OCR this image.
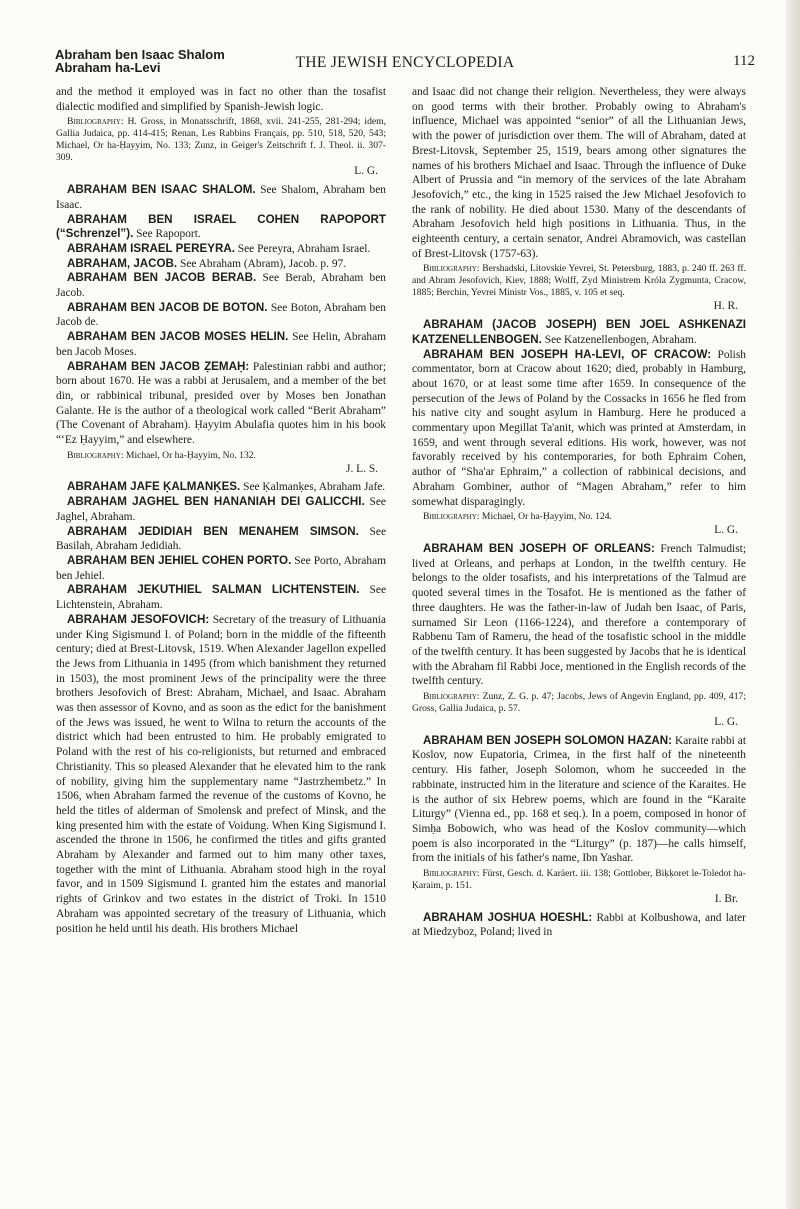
Abraham ben Isaac Shalom
Abraham ha-Levi	THE JEWISH ENCYCLOPEDIA	112

and the method it employed was in fact no other than the tosafist dialectic modified and simplified by Spanish-Jewish logic.

Bibliography: H. Gross, in Monatsschrift, 1868, xvii. 241-255, 281-294; idem, Gallia Judaica, pp. 414-415; Renan, Les Rabbins Français, pp. 510, 518, 520, 543; Michael, Or ha-Ḥayyim, No. 133; Zunz, in Geiger's Zeitschrift f. J. Theol. ii. 307-309.

L. G.

ABRAHAM BEN ISAAC SHALOM. See Shalom, Abraham ben Isaac.

ABRAHAM BEN ISRAEL COHEN RAPOPORT (“Schrenzel”). See Rapoport.

ABRAHAM ISRAEL PEREYRA. See Pereyra, Abraham Israel.

ABRAHAM, JACOB. See Abraham (Abram), Jacob. p. 97.

ABRAHAM BEN JACOB BERAB. See Berab, Abraham ben Jacob.

ABRAHAM BEN JACOB DE BOTON. See Boton, Abraham ben Jacob de.

ABRAHAM BEN JACOB MOSES HELIN. See Helin, Abraham ben Jacob Moses.

ABRAHAM BEN JACOB ẒEMAḤ: Palestinian rabbi and author; born about 1670. He was a rabbi at Jerusalem, and a member of the bet din, or rabbinical tribunal, presided over by Moses ben Jonathan Galante. He is the author of a theological work called “Berit Abraham” (The Covenant of Abraham). Ḥayyim Abulafia quotes him in his book “‘Ez Ḥayyim,” and elsewhere.

Bibliography: Michael, Or ha-Ḥayyim, No. 132.

J. L. S.

ABRAHAM JAFE ḲALMANḲES. See Ḳalmanḳes, Abraham Jafe.

ABRAHAM JAGHEL BEN HANANIAH DEI GALICCHI. See Jaghel, Abraham.

ABRAHAM JEDIDIAH BEN MENAHEM SIMSON. See Basilah, Abraham Jedidiah.

ABRAHAM BEN JEHIEL COHEN PORTO. See Porto, Abraham ben Jehiel.

ABRAHAM JEKUTHIEL SALMAN LICHTENSTEIN. See Lichtenstein, Abraham.

ABRAHAM JESOFOVICH: Secretary of the treasury of Lithuania under King Sigismund I. of Poland; born in the middle of the fifteenth century; died at Brest-Litovsk, 1519. When Alexander Jagellon expelled the Jews from Lithuania in 1495 (from which banishment they returned in 1503), the most prominent Jews of the principality were the three brothers Jesofovich of Brest: Abraham, Michael, and Isaac. Abraham was then assessor of Kovno, and as soon as the edict for the banishment of the Jews was issued, he went to Wilna to return the accounts of the district which had been entrusted to him. He probably emigrated to Poland with the rest of his co-religionists, but returned and embraced Christianity. This so pleased Alexander that he elevated him to the rank of nobility, giving him the supplementary name “Jastrzhembetz.” In 1506, when Abraham farmed the revenue of the customs of Kovno, he held the titles of alderman of Smolensk and prefect of Minsk, and the king presented him with the estate of Voidung. When King Sigismund I. ascended the throne in 1506, he confirmed the titles and gifts granted Abraham by Alexander and farmed out to him many other taxes, together with the mint of Lithuania. Abraham stood high in the royal favor, and in 1509 Sigismund I. granted him the estates and manorial rights of Grinkov and two estates in the district of Troki. In 1510 Abraham was appointed secretary of the treasury of Lithuania, which position he held until his death. His brothers Michael

and Isaac did not change their religion. Nevertheless, they were always on good terms with their brother. Probably owing to Abraham's influence, Michael was appointed “senior” of all the Lithuanian Jews, with the power of jurisdiction over them. The will of Abraham, dated at Brest-Litovsk, September 25, 1519, bears among other signatures the names of his brothers Michael and Isaac. Through the influence of Duke Albert of Prussia and “in memory of the services of the late Abraham Jesofovich,” etc., the king in 1525 raised the Jew Michael Jesofovich to the rank of nobility. He died about 1530. Many of the descendants of Abraham Jesofovich held high positions in Lithuania. Thus, in the eighteenth century, a certain senator, Andrei Abramovich, was castellan of Brest-Litovsk (1757-63).

Bibliography: Bershadski, Litovskie Yevrei, St. Petersburg, 1883, p. 240 ff. 263 ff. and Abram Jesofovich, Kiev, 1888; Wolff, Zyd Ministrem Króla Zygmunta, Cracow, 1885; Berchin, Yevrei Ministr Vos., 1885, v. 105 et seq.

H. R.

ABRAHAM (JACOB JOSEPH) BEN JOEL ASHKENAZI KATZENELLENBOGEN. See Katzenellenbogen, Abraham.

ABRAHAM BEN JOSEPH HA-LEVI, OF CRACOW: Polish commentator, born at Cracow about 1620; died, probably in Hamburg, about 1670, or at least some time after 1659. In consequence of the persecution of the Jews of Poland by the Cossacks in 1656 he fled from his native city and sought asylum in Hamburg. Here he produced a commentary upon Megillat Ta'anit, which was printed at Amsterdam, in 1659, and went through several editions. His work, however, was not favorably received by his contemporaries, for both Ephraim Cohen, author of “Sha'ar Ephraim,” a collection of rabbinical decisions, and Abraham Gombiner, author of “Magen Abraham,” refer to him somewhat disparagingly.

Bibliography: Michael, Or ha-Ḥayyim, No. 124.

L. G.

ABRAHAM BEN JOSEPH OF ORLEANS: French Talmudist; lived at Orleans, and perhaps at London, in the twelfth century. He belongs to the older tosafists, and his interpretations of the Talmud are quoted several times in the Tosafot. He is mentioned as the father of three daughters. He was the father-in-law of Judah ben Isaac, of Paris, surnamed Sir Leon (1166-1224), and therefore a contemporary of Rabbenu Tam of Rameru, the head of the tosafistic school in the middle of the twelfth century. It has been suggested by Jacobs that he is identical with the Abraham fil Rabbi Joce, mentioned in the English records of the twelfth century.

Bibliography: Zunz, Z. G. p. 47; Jacobs, Jews of Angevin England, pp. 409, 417; Gross, Gallia Judaica, p. 57.

L. G.

ABRAHAM BEN JOSEPH SOLOMON HAZAN: Karaite rabbi at Koslov, now Eupatoria, Crimea, in the first half of the nineteenth century. His father, Joseph Solomon, whom he succeeded in the rabbinate, instructed him in the literature and science of the Karaites. He is the author of six Hebrew poems, which are found in the “Karaite Liturgy” (Vienna ed., pp. 168 et seq.). In a poem, composed in honor of Simḥa Bobowich, who was head of the Koslov community—which poem is also incorporated in the “Liturgy” (p. 187)—he calls himself, from the initials of his father's name, Ibn Yashar.

Bibliography: Fürst, Gesch. d. Karäert. iii. 138; Gottlober, Biḳḳoret le-Toledot ha-Ḳaraim, p. 151.

I. Br.

ABRAHAM JOSHUA HOESHL: Rabbi at Kolbushowa, and later at Miedzyboz, Poland; lived in
